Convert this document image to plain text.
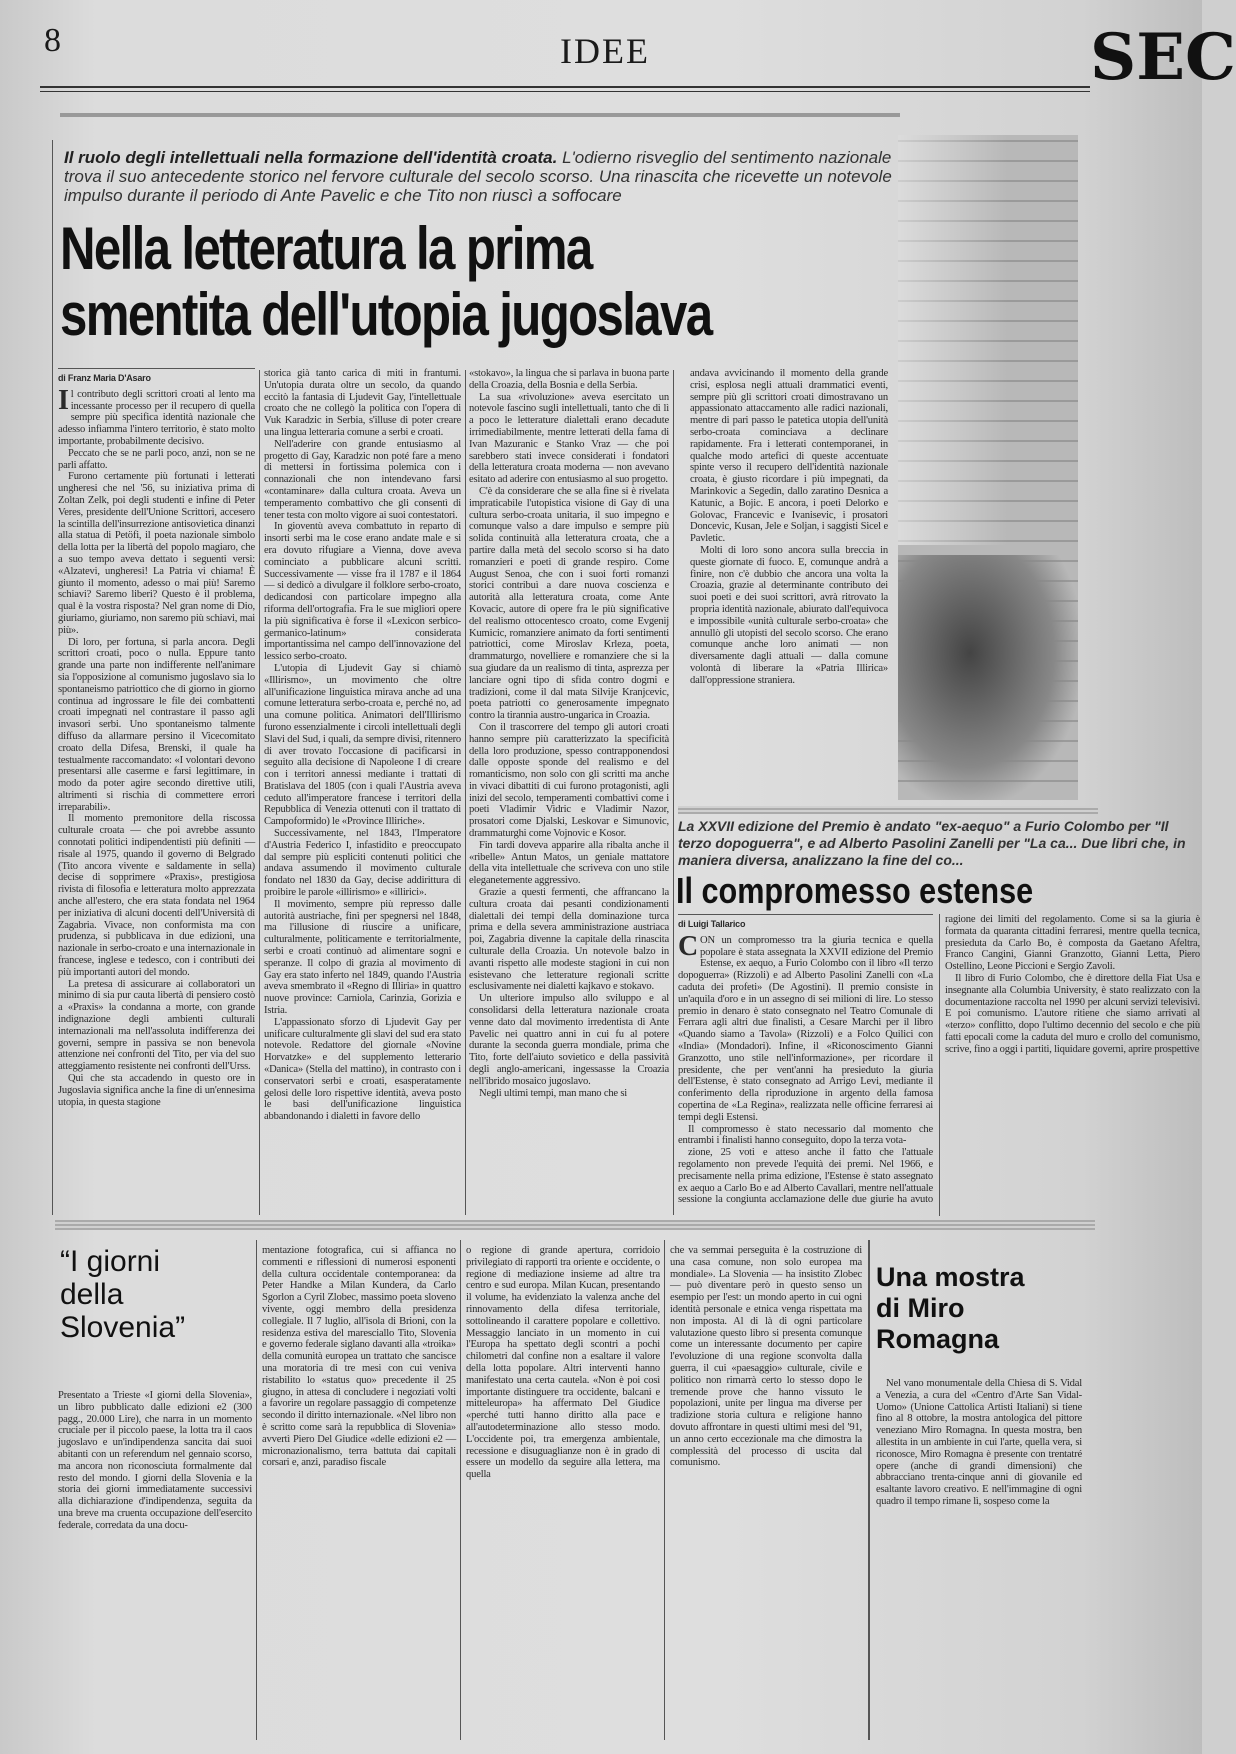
8	IDEE	SEC
Il ruolo degli intellettuali nella formazione dell'identità croata. L'odierno risveglio del sentimento nazionale trova il suo antecedente storico nel fervore culturale del secolo scorso. Una rinascita che ricevette un notevole impulso durante il periodo di Ante Pavelic e che Tito non riuscì a soffocare
Nella letteratura la prima
smentita dell'utopia jugoslava
di Franz Maria D'Asaro
I l contributo degli scrittori croati al lento ma incessante processo per il recupero di quella sempre più specifica identità nazionale che adesso infiamma l'intero territorio, è stato molto importante, probabilmente decisivo.

Peccato che se ne parli poco, anzi, non se ne parli affatto.

Furono certamente più fortunati i letterati ungheresi che nel '56, su iniziativa prima di Zoltan Zelk, poi degli studenti e infine di Peter Veres, presidente dell'Unione Scrittori, accesero la scintilla dell'insurrezione antisovietica dinanzi alla statua di Petöfi, il poeta nazionale simbolo della lotta per la libertà del popolo magiaro, che a suo tempo aveva dettato i seguenti versi: «Alzatevi, ungheresi! La Patria vi chiama! È giunto il momento, adesso o mai più! Saremo schiavi? Saremo liberi? Questo è il problema, qual è la vostra risposta? Nel gran nome di Dio, giuriamo, giuriamo, non saremo più schiavi, mai più».

Di loro, per fortuna, si parla ancora. Degli scrittori croati, poco o nulla. Eppure tanto grande una parte non indifferente nell'animare sia l'opposizione al comunismo jugoslavo sia lo spontaneismo patriottico che di giorno in giorno continua ad ingrossare le file dei combattenti croati impegnati nel contrastare il passo agli invasori serbi. Uno spontaneismo talmente diffuso da allarmare persino il Vicecomitato croato della Difesa, Brenski, il quale ha testualmente raccomandato: «I volontari devono presentarsi alle caserme e farsi legittimare, in modo da poter agire secondo direttive utili, altrimenti si rischia di commettere errori irreparabili».

Il momento premonitore della riscossa culturale croata — che poi avrebbe assunto connotati politici indipendentisti più definiti — risale al 1975, quando il governo di Belgrado (Tito ancora vivente e saldamente in sella) decise di sopprimere «Praxis», prestigiosa rivista di filosofia e letteratura molto apprezzata anche all'estero, che era stata fondata nel 1964 per iniziativa di alcuni docenti dell'Università di Zagabria. Vivace, non conformista ma con prudenza, si pubblicava in due edizioni, una nazionale in serbo-croato e una internazionale in francese, inglese e tedesco, con i contributi dei più importanti autori del mondo.

La pretesa di assicurare ai collaboratori un minimo di sia pur cauta libertà di pensiero costò a «Praxis» la condanna a morte, con grande indignazione degli ambienti culturali internazionali ma nell'assoluta indifferenza dei governi, sempre in passiva se non benevola attenzione nei confronti del Tito, per via del suo atteggiamento resistente nei confronti dell'Urss.

Qui che sta accadendo in questo ore in Jugoslavia significa anche la fine di un'ennesima utopia, in questa stagione

storica già tanto carica di miti in frantumi. Un'utopia durata oltre un secolo, da quando eccitò la fantasia di Ljudevit Gay, l'intellettuale croato che ne collegò la politica con l'opera di Vuk Karadzic in Serbia, s'illuse di poter creare una lingua letteraria comune a serbi e croati.

Nell'aderire con grande entusiasmo al progetto di Gay, Karadzic non poté fare a meno di mettersi in fortissima polemica con i connazionali che non intendevano farsi «contaminare» dalla cultura croata. Aveva un temperamento combattivo che gli consentì di tener testa con molto vigore ai suoi contestatori.

In gioventù aveva combattuto in reparto di insorti serbi ma le cose erano andate male e si era dovuto rifugiare a Vienna, dove aveva cominciato a pubblicare alcuni scritti. Successivamente — visse fra il 1787 e il 1864 — si dedicò a divulgare il folklore serbo-croato, dedicandosi con particolare impegno alla riforma dell'ortografia. Fra le sue migliori opere la più significativa è forse il «Lexicon serbico-germanico-latinum» considerata importantissima nel campo dell'innovazione del lessico serbo-croato.

L'utopia di Ljudevit Gay si chiamò «Illirismo», un movimento che oltre all'unificazione linguistica mirava anche ad una comune letteratura serbo-croata e, perché no, ad una comune politica. Animatori dell'Illirismo furono essenzialmente i circoli intellettuali degli Slavi del Sud, i quali, da sempre divisi, ritennero di aver trovato l'occasione di pacificarsi in seguito alla decisione di Napoleone I di creare con i territori annessi mediante i trattati di Bratislava del 1805 (con i quali l'Austria aveva ceduto all'imperatore francese i territori della Repubblica di Venezia ottenuti con il trattato di Campoformido) le «Province Illiriche».

Successivamente, nel 1843, l'Imperatore d'Austria Federico I, infastidito e preoccupato dal sempre più espliciti contenuti politici che andava assumendo il movimento culturale fondato nel 1830 da Gay, decise addirittura di proibire le parole «illirismo» e «illirici».

Il movimento, sempre più represso dalle autorità austriache, finì per spegnersi nel 1848, ma l'illusione di riuscire a unificare, culturalmente, politicamente e territorialmente, serbi e croati continuò ad alimentare sogni e speranze. Il colpo di grazia al movimento di Gay era stato inferto nel 1849, quando l'Austria aveva smembrato il «Regno di Illiria» in quattro nuove province: Carniola, Carinzia, Gorizia e Istria.

L'appassionato sforzo di Ljudevit Gay per unificare culturalmente gli slavi del sud era stato notevole. Redattore del giornale «Novine Horvatzke» e del supplemento letterario «Danica» (Stella del mattino), in contrasto con i conservatori serbi e croati, esasperatamente gelosi delle loro rispettive identità, aveva posto le basi dell'unificazione linguistica abbandonando i dialetti in favore dello

«stokavo», la lingua che si parlava in buona parte della Croazia, della Bosnia e della Serbia.

La sua «rivoluzione» aveva esercitato un notevole fascino sugli intellettuali, tanto che di lì a poco le letterature dialettali erano decadute irrimediabilmente, mentre letterati della fama di Ivan Mazuranic e Stanko Vraz — che poi sarebbero stati invece considerati i fondatori della letteratura croata moderna — non avevano esitato ad aderire con entusiasmo al suo progetto.

C'è da considerare che se alla fine si è rivelata impraticabile l'utopistica visione di Gay di una cultura serbo-croata unitaria, il suo impegno e comunque valso a dare impulso e sempre più solida continuità alla letteratura croata, che a partire dalla metà del secolo scorso si ha dato romanzieri e poeti di grande respiro. Come August Senoa, che con i suoi forti romanzi storici contribuì a dare nuova coscienza e autorità alla letteratura croata, come Ante Kovacic, autore di opere fra le più significative del realismo ottocentesco croato, come Evgenij Kumicic, romanziere animato da forti sentimenti patriottici, come Miroslav Krleza, poeta, drammaturgo, novelliere e romanziere che si la sua giudare da un realismo di tinta, asprezza per lanciare ogni tipo di sfida contro dogmi e tradizioni, come il dal mata Silvije Kranjcevic, poeta patriotti co generosamente impegnato contro la tirannia austro-ungarica in Croazia.

Con il trascorrere del tempo gli autori croati hanno sempre più caratterizzato la specificità della loro produzione, spesso contrapponendosi dalle opposte sponde del realismo e del romanticismo, non solo con gli scritti ma anche in vivaci dibattiti di cui furono protagonisti, agli inizi del secolo, temperamenti combattivi come i poeti Vladimir Vidric e Vladimir Nazor, prosatori come Djalski, Leskovar e Simunovic, drammaturghi come Vojnovic e Kosor.

Fin tardi doveva apparire alla ribalta anche il «ribelle» Antun Matos, un geniale mattatore della vita intellettuale che scriveva con uno stile eleganetemente aggressivo.

Grazie a questi fermenti, che affrancano la cultura croata dai pesanti condizionamenti dialettali dei tempi della dominazione turca prima e della severa amministrazione austriaca poi, Zagabria divenne la capitale della rinascita culturale della Croazia. Un notevole balzo in avanti rispetto alle modeste stagioni in cui non esistevano che letterature regionali scritte esclusivamente nei dialetti kajkavo e stokavo.

Un ulteriore impulso allo sviluppo e al consolidarsi della letteratura nazionale croata venne dato dal movimento irredentista di Ante Pavelic nei quattro anni in cui fu al potere durante la seconda guerra mondiale, prima che Tito, forte dell'aiuto sovietico e della passività degli anglo-americani, ingessasse la Croazia nell'ibrido mosaico jugoslavo.

Negli ultimi tempi, man mano che si

andava avvicinando il momento della grande crisi, esplosa negli attuali drammatici eventi, sempre più gli scrittori croati dimostravano un appassionato attaccamento alle radici nazionali, mentre di pari passo le patetica utopia dell'unità serbo-croata cominciava a declinare rapidamente. Fra i letterati contemporanei, in qualche modo artefici di queste accentuate spinte verso il recupero dell'identità nazionale croata, è giusto ricordare i più impegnati, da Marinkovic a Segedin, dallo zaratino Desnica a Katunic, a Bojic. E ancora, i poeti Delorko e Golovac, Francevic e Ivanisevic, i prosatori Doncevic, Kusan, Jele e Soljan, i saggisti Sicel e Pavletic.

Molti di loro sono ancora sulla breccia in queste giornate di fuoco. E, comunque andrà a finire, non c'è dubbio che ancora una volta la Croazia, grazie al determinante contributo dei suoi poeti e dei suoi scrittori, avrà ritrovato la propria identità nazionale, abiurato dall'equivoca e impossibile «unità culturale serbo-croata» che annullò gli utopisti del secolo scorso. Che erano comunque anche loro animati — non diversamente dagli attuali — dalla comune volontà di liberare la «Patria Illirica» dall'oppressione straniera.

La XXVII edizione del Premio è andato "ex-aequo" a Furio Colombo per "Il terzo dopoguerra", e ad Alberto Pasolini Zanelli per "La ca... Due libri che, in maniera diversa, analizzano la fine del co...
Il compromesso estense
di Luigi Tallarico
C ON un compromesso tra la giuria tecnica e quella popolare è stata assegnata la XXVII edizione del Premio Estense, ex aequo, a Furio Colombo con il libro «Il terzo dopoguerra» (Rizzoli) e ad Alberto Pasolini Zanelli con «La caduta dei profeti» (De Agostini). Il premio consiste in un'aquila d'oro e in un assegno di sei milioni di lire. Lo stesso premio in denaro è stato consegnato nel Teatro Comunale di Ferrara agli altri due finalisti, a Cesare Marchi per il libro «Quando siamo a Tavola» (Rizzoli) e a Folco Quilici con «India» (Mondadori). Infine, il «Riconoscimento Gianni Granzotto, uno stile nell'informazione», per ricordare il presidente, che per vent'anni ha presieduto la giuria dell'Estense, è stato consegnato ad Arrigo Levi, mediante il conferimento della riproduzione in argento della famosa copertina de «La Regina», realizzata nelle officine ferraresi ai tempi degli Estensi.

Il compromesso è stato necessario dal momento che entrambi i finalisti hanno conseguito, dopo la terza vota-

zione, 25 voti e atteso anche il fatto che l'attuale regolamento non prevede l'equità dei premi. Nel 1966, e precisamente nella prima edizione, l'Estense è stato assegnato ex aequo a Carlo Bo e ad Alberto Cavallari, mentre nell'attuale sessione la congiunta acclamazione delle due giurie ha avuto ragione dei limiti del regolamento. Come si sa la giuria è formata da quaranta cittadini ferraresi, mentre quella tecnica, presieduta da Carlo Bo, è composta da Gaetano Afeltra, Franco Cangini, Gianni Granzotto, Gianni Letta, Piero Ostellino, Leone Piccioni e Sergio Zavoli.

Il libro di Furio Colombo, che è direttore della Fiat Usa e insegnante alla Columbia University, è stato realizzato con la documentazione raccolta nel 1990 per alcuni servizi televisivi. E poi comunismo. L'autore ritiene che siamo arrivati al «terzo» conflitto, dopo l'ultimo decennio del secolo e che più fatti epocali come la caduta del muro e crollo del comunismo, scrive, fino a oggi i partiti, liquidare governi, aprire prospettive

“I giorni
della
Slovenia”

Presentato a Trieste «I giorni della Slovenia», un libro pubblicato dalle edizioni e2 (300 pagg., 20.000 Lire), che narra in un momento cruciale per il piccolo paese, la lotta tra il caos jugoslavo e un'indipendenza sancita dai suoi abitanti con un referendum nel gennaio scorso, ma ancora non riconosciuta formalmente dal resto del mondo. I giorni della Slovenia e la storia dei giorni immediatamente successivi alla dichiarazione d'indipendenza, seguita da una breve ma cruenta occupazione dell'esercito federale, corredata da una docu-

mentazione fotografica, cui si affianca no commenti e riflessioni di numerosi esponenti della cultura occidentale contemporanea: da Peter Handke a Milan Kundera, da Carlo Sgorlon a Cyril Zlobec, massimo poeta sloveno vivente, oggi membro della presidenza collegiale. Il 7 luglio, all'isola di Brioni, con la residenza estiva del maresciallo Tito, Slovenia e governo federale siglano davanti alla «troika» della comunità europea un trattato che sancisce una moratoria di tre mesi con cui veniva ristabilito lo «status quo» precedente il 25 giugno, in attesa di concludere i negoziati volti a favorire un regolare passaggio di competenze secondo il diritto internazionale. «Nel libro non è scritto come sarà la repubblica di Slovenia» avvertì Piero Del Giudice «delle edizioni e2 — micronazionalismo, terra battuta dai capitali corsari e, anzi, paradiso fiscale

o regione di grande apertura, corridoio privilegiato di rapporti tra oriente e occidente, o regione di mediazione insieme ad altre tra centro e sud europa. Milan Kucan, presentando il volume, ha evidenziato la valenza anche del rinnovamento della difesa territoriale, sottolineando il carattere popolare e collettivo. Messaggio lanciato in un momento in cui l'Europa ha spettato degli scontri a pochi chilometri dal confine non a esaltare il valore della lotta popolare. Altri interventi hanno manifestato una certa cautela. «Non è poi così importante distinguere tra occidente, balcani e mitteleuropa» ha affermato Del Giudice «perché tutti hanno diritto alla pace e all'autodeterminazione allo stesso modo. L'occidente poi, tra emergenza ambientale, recessione e disuguaglianze non è in grado di essere un modello da seguire alla lettera, ma quella

che va semmai perseguita è la costruzione di una casa comune, non solo europea ma mondiale». La Slovenia — ha insistito Zlobec — può diventare però in questo senso un esempio per l'est: un mondo aperto in cui ogni identità personale e etnica venga rispettata ma non imposta. Al di là di ogni particolare valutazione questo libro si presenta comunque come un interessante documento per capire l'evoluzione di una regione sconvolta dalla guerra, il cui «paesaggio» culturale, civile e politico non rimarrà certo lo stesso dopo le tremende prove che hanno vissuto le popolazioni, unite per lingua ma diverse per tradizione storia cultura e religione hanno dovuto affrontare in questi ultimi mesi del '91, un anno certo eccezionale ma che dimostra la complessità del processo di uscita dal comunismo.

Una mostra
di Miro
Romagna

Nel vano monumentale della Chiesa di S. Vidal a Venezia, a cura del «Centro d'Arte San Vidal-Uomo» (Unione Cattolica Artisti Italiani) si tiene fino al 8 ottobre, la mostra antologica del pittore veneziano Miro Romagna. In questa mostra, ben allestita in un ambiente in cui l'arte, quella vera, si riconosce, Miro Romagna è presente con trentatré opere (anche di grandi dimensioni) che abbracciano trenta-cinque anni di giovanile ed esaltante lavoro creativo. E nell'immagine di ogni quadro il tempo rimane lì, sospeso come la
